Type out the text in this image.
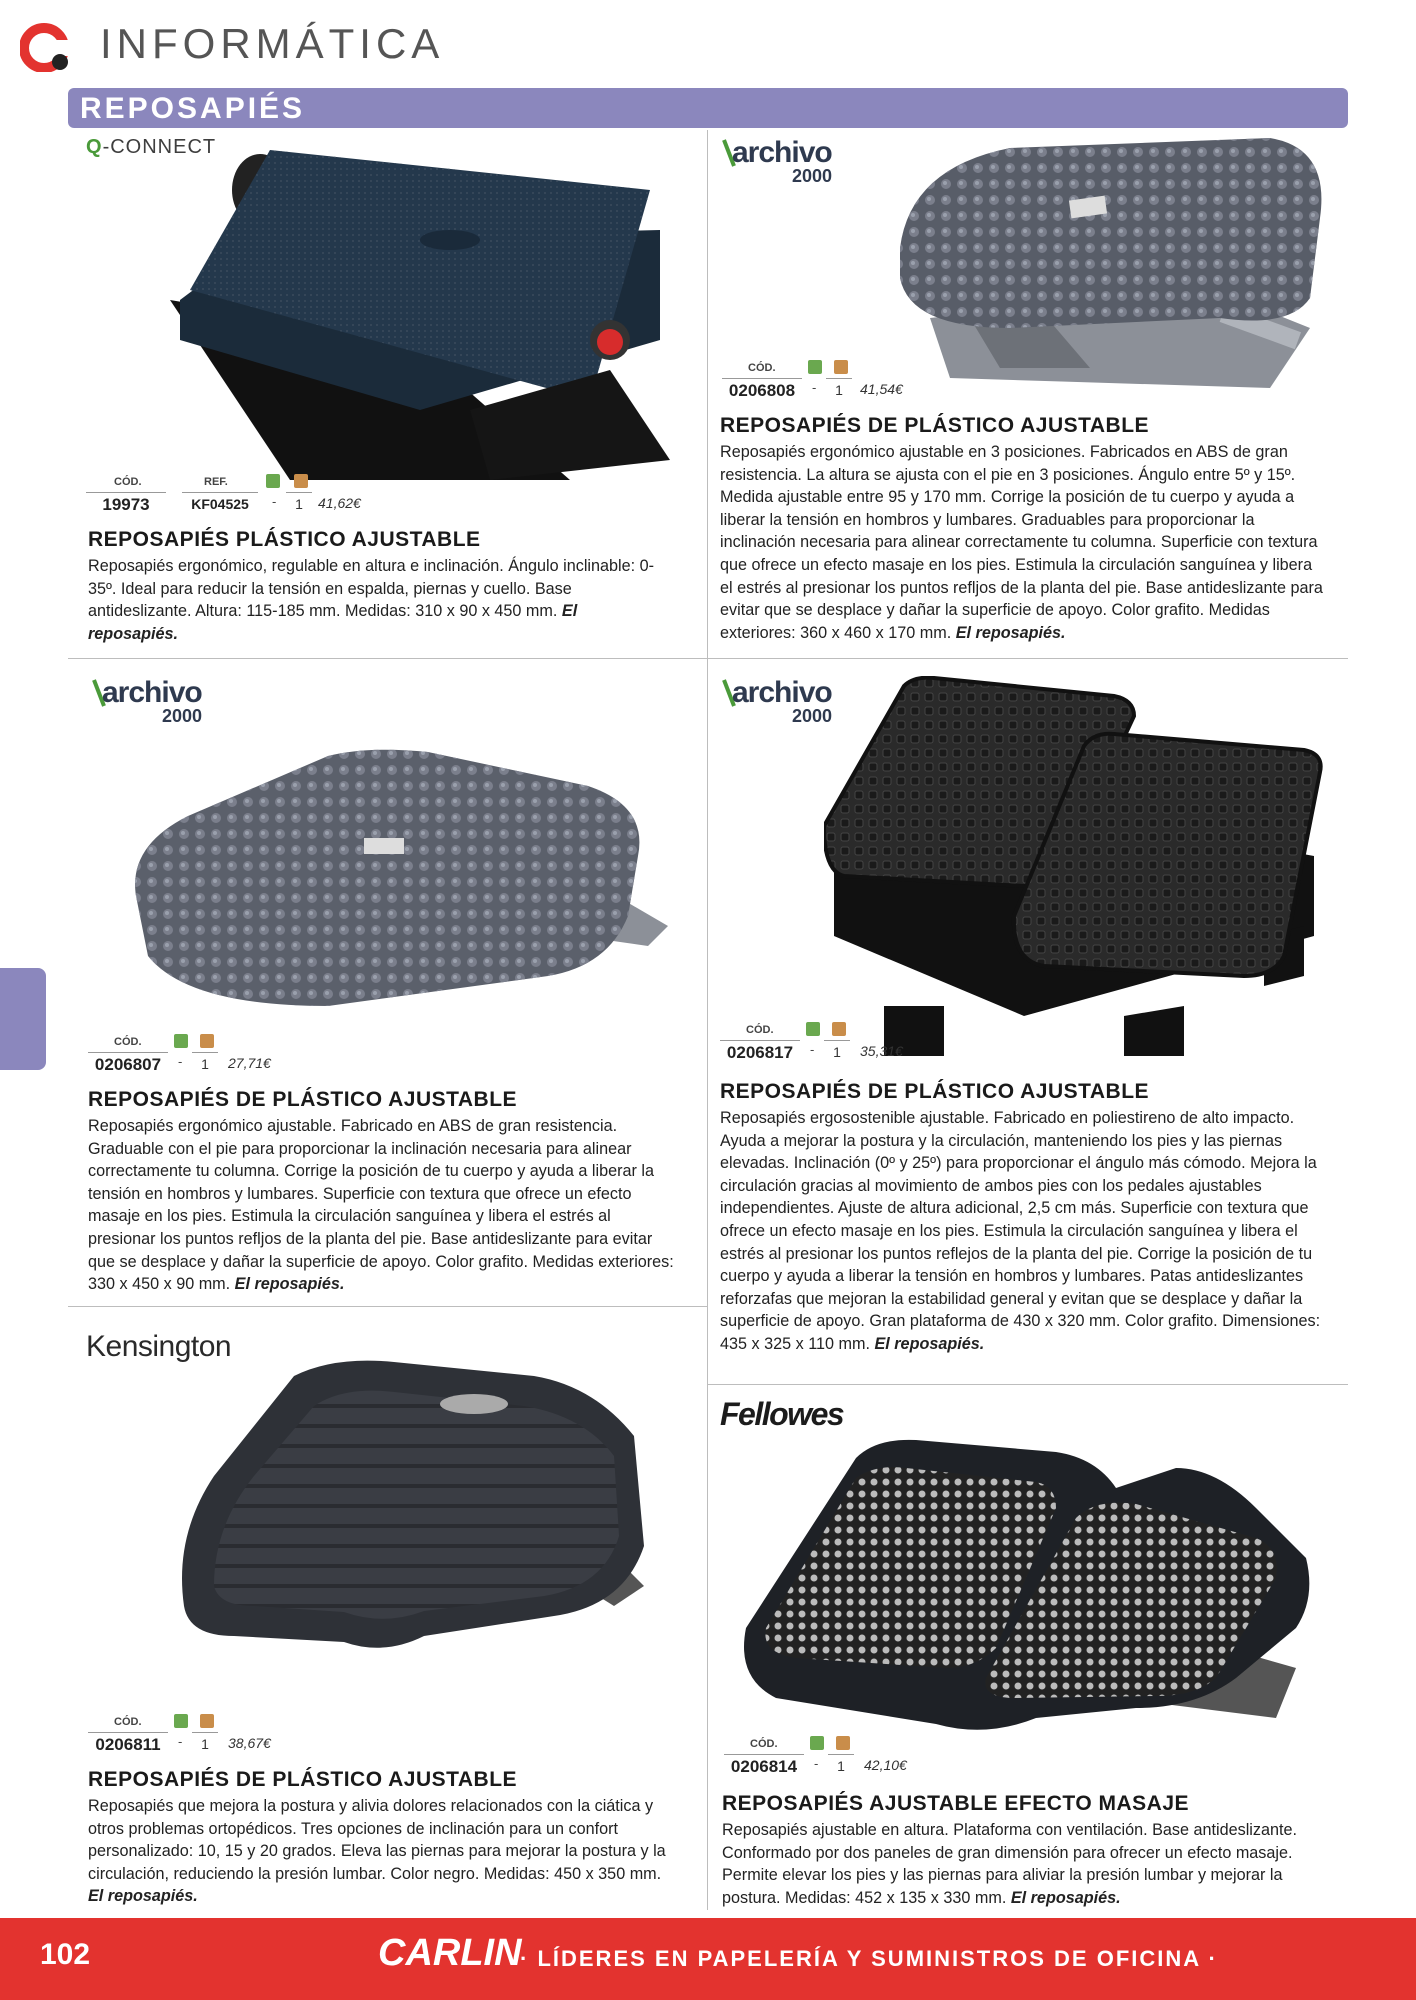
INFORMÁTICA
REPOSAPIÉS
Q-CONNECT
CÓD.	REF.
19973	KF04525	-	1	41,62€
REPOSAPIÉS PLÁSTICO AJUSTABLE
Reposapiés ergonómico, regulable en altura e inclinación. Ángulo inclinable: 0-35º. Ideal para reducir la tensión en espalda, piernas y cuello. Base antideslizante. Altura: 115-185 mm. Medidas: 310 x 90 x 450 mm. El reposapiés.
archivo
2000
CÓD.
0206808	-	1	41,54€
REPOSAPIÉS DE PLÁSTICO AJUSTABLE
Reposapiés ergonómico ajustable en 3 posiciones. Fabricados en ABS de gran resistencia. La altura se ajusta con el pie en 3 posiciones. Ángulo entre 5º y 15º. Medida ajustable entre 95 y 170 mm. Corrige la posición de tu cuerpo y ayuda a liberar la tensión en hombros y lumbares. Graduables para proporcionar la inclinación necesaria para alinear correctamente tu columna. Superficie con textura que ofrece un efecto masaje en los pies. Estimula la circulación sanguínea y libera el estrés al presionar los puntos refljos de la planta del pie. Base antideslizante para evitar que se desplace y dañar la superficie de apoyo. Color grafito. Medidas exteriores: 360 x 460 x 170 mm. El reposapiés.
archivo
2000
CÓD.
0206807	-	1	27,71€
REPOSAPIÉS DE PLÁSTICO AJUSTABLE
Reposapiés ergonómico ajustable. Fabricado en ABS de gran resistencia. Graduable con el pie para proporcionar la inclinación necesaria para alinear correctamente tu columna. Corrige la posición de tu cuerpo y ayuda a liberar la tensión en hombros y lumbares. Superficie con textura que ofrece un efecto masaje en los pies. Estimula la circulación sanguínea y libera el estrés al presionar los puntos refljos de la planta del pie. Base antideslizante para evitar que se desplace y dañar la superficie de apoyo. Color grafito. Medidas exteriores: 330 x 450 x 90 mm. El reposapiés.
archivo
2000
CÓD.
0206817	-	1	35,31€
REPOSAPIÉS DE PLÁSTICO AJUSTABLE
Reposapiés ergosostenible ajustable. Fabricado en poliestireno de alto impacto. Ayuda a mejorar la postura y la circulación, manteniendo los pies y las piernas elevadas. Inclinación (0º y 25º) para proporcionar el ángulo más cómodo. Mejora la circulación gracias al movimiento de ambos pies con los pedales ajustables independientes. Ajuste de altura adicional, 2,5 cm más. Superficie con textura que ofrece un efecto masaje en los pies. Estimula la circulación sanguínea y libera el estrés al presionar los puntos reflejos de la planta del pie. Corrige la posición de tu cuerpo y ayuda a liberar la tensión en hombros y lumbares. Patas antideslizantes reforzafas que mejoran la estabilidad general y evitan que se desplace y dañar la superficie de apoyo. Gran plataforma de 430 x 320 mm. Color grafito. Dimensiones: 435 x 325 x 110 mm. El reposapiés.
Kensington
CÓD.
0206811	-	1	38,67€
REPOSAPIÉS DE PLÁSTICO AJUSTABLE
Reposapiés que mejora la postura y alivia dolores relacionados con la ciática y otros problemas ortopédicos. Tres opciones de inclinación para un confort personalizado: 10, 15 y 20 grados. Eleva las piernas para mejorar la postura y la circulación, reduciendo la presión lumbar. Color negro. Medidas: 450 x 350 mm. El reposapiés.
Fellowes
CÓD.
0206814	-	1	42,10€
REPOSAPIÉS AJUSTABLE EFECTO MASAJE
Reposapiés ajustable en altura. Plataforma con ventilación. Base antideslizante. Conformado por dos paneles de gran dimensión para ofrecer un efecto masaje. Permite elevar los pies y las piernas para aliviar la presión lumbar y mejorar la postura. Medidas: 452 x 135 x 330 mm. El reposapiés.
102	CARLIN
· LÍDERES EN PAPELERÍA Y SUMINISTROS DE OFICINA ·
